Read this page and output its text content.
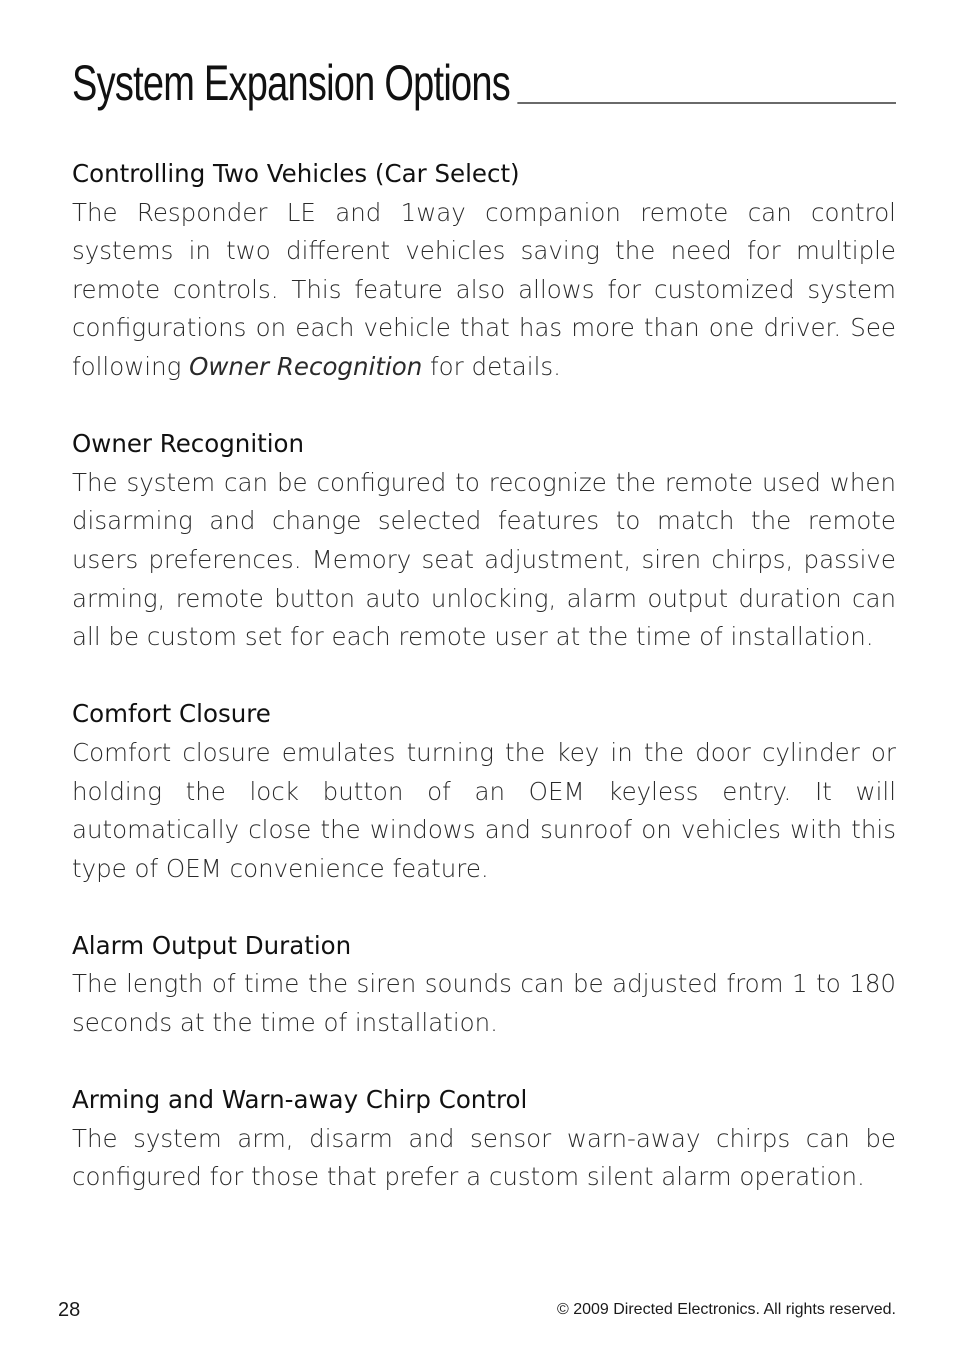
System Expansion Options
Controlling Two Vehicles (Car Select)

The Responder LE and 1way companion remote can control systems in two different vehicles saving the need for multiple remote controls. This feature also allows for customized system configurations on each vehicle that has more than one driver. See following Owner Recognition for details.

Owner Recognition

The system can be configured to recognize the remote used when disarming and change selected features to match the remote users preferences. Memory seat adjustment, siren chirps, passive arming, remote button auto unlocking, alarm output duration can all be custom set for each remote user at the time of installation.

Comfort Closure

Comfort closure emulates turning the key in the door cylinder or holding the lock button of an OEM keyless entry. It will automatically close the windows and sunroof on vehicles with this type of OEM convenience feature.

Alarm Output Duration

The length of time the siren sounds can be adjusted from 1 to 180 seconds at the time of installation.

Arming and Warn-away Chirp Control

The system arm, disarm and sensor warn-away chirps can be configured for those that prefer a custom silent alarm operation.

28	© 2009 Directed Electronics. All rights reserved.
